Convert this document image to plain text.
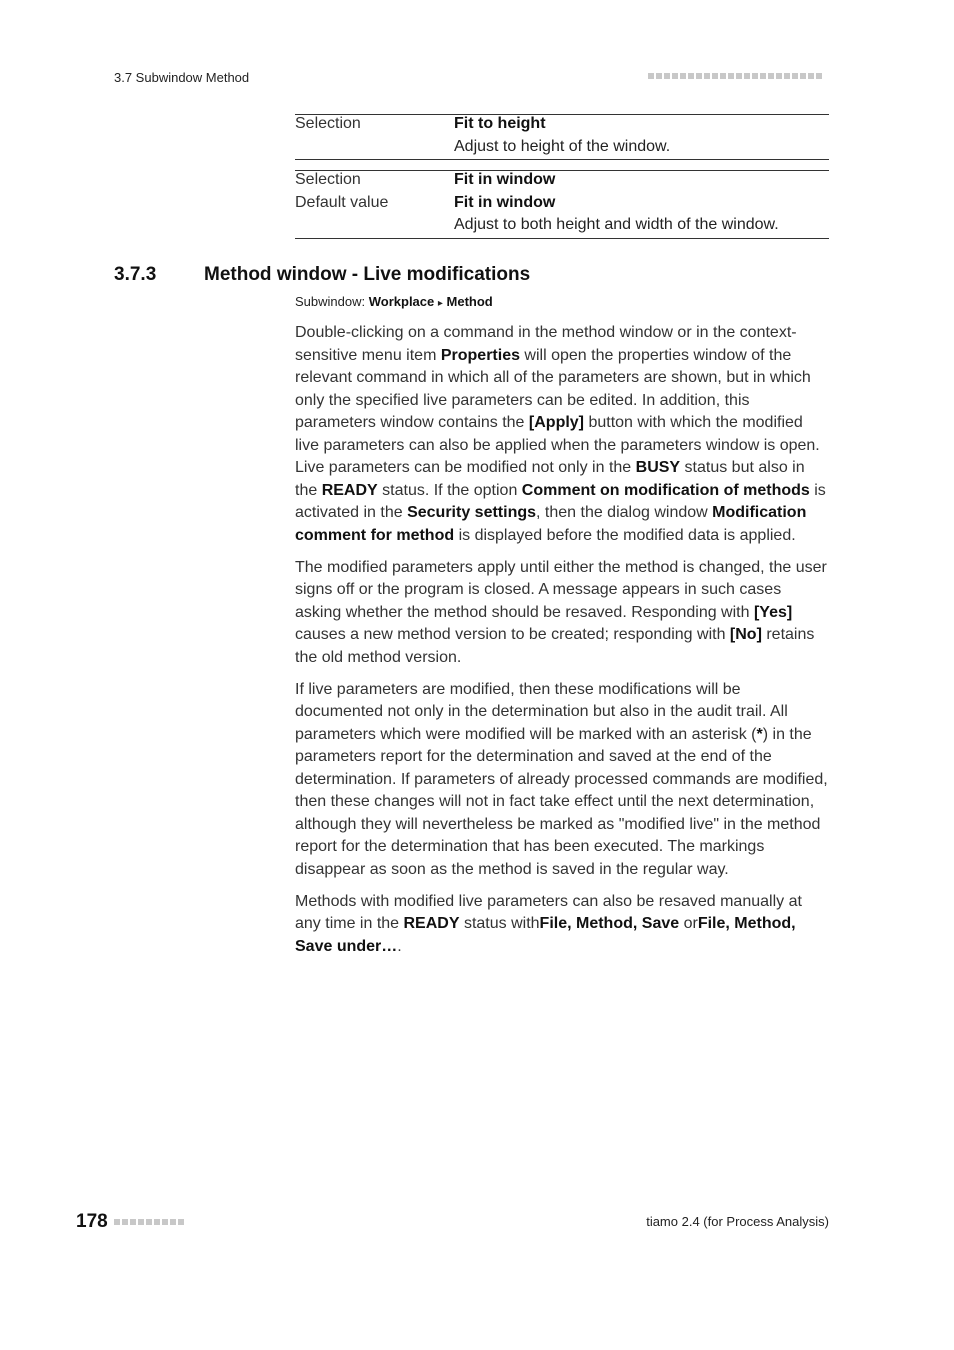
3.7 Subwindow Method
Selection	Fit to height
Adjust to height of the window.
Selection	Fit in window
Default value	Fit in window
Adjust to both height and width of the window.
3.7.3	Method window - Live modifications
Subwindow: Workplace ▸ Method

Double-clicking on a command in the method window or in the context-sensitive menu item Properties will open the properties window of the relevant command in which all of the parameters are shown, but in which only the specified live parameters can be edited. In addition, this parameters window contains the [Apply] button with which the modified live parameters can also be applied when the parameters window is open. Live parameters can be modified not only in the BUSY status but also in the READY status. If the option Comment on modification of methods is activated in the Security settings, then the dialog window Modification comment for method is displayed before the modified data is applied.

The modified parameters apply until either the method is changed, the user signs off or the program is closed. A message appears in such cases asking whether the method should be resaved. Responding with [Yes] causes a new method version to be created; responding with [No] retains the old method version.

If live parameters are modified, then these modifications will be documented not only in the determination but also in the audit trail. All parameters which were modified will be marked with an asterisk (*) in the parameters report for the determination and saved at the end of the determination. If parameters of already processed commands are modified, then these changes will not in fact take effect until the next determination, although they will nevertheless be marked as "modified live" in the method report for the determination that has been executed. The markings disappear as soon as the method is saved in the regular way.

Methods with modified live parameters can also be resaved manually at any time in the READY status withFile, Method, Save orFile, Method, Save under….

178	tiamo 2.4 (for Process Analysis)
